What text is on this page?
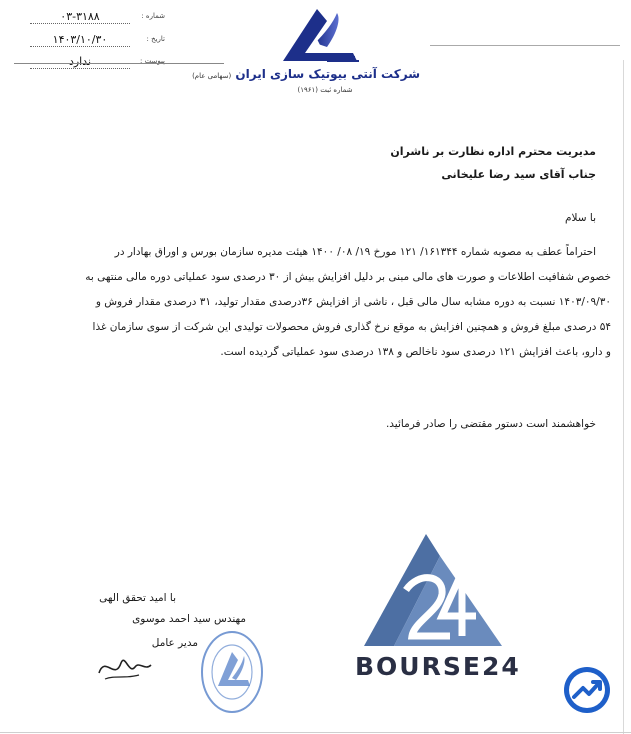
شرکت آنتی بیوتیک سازی ایران (سهامی عام)
شماره ثبت (۱۹۶۱)
شماره :
۰۳-۳۱۸۸
تاریخ :
۱۴۰۳/۱۰/۳۰
پیوست :
ندارد
مدیریت محترم اداره نظارت بر ناشران
جناب آقای سید رضا علیخانی
با سلام
احتراماً عطف به مصوبه شماره ۱۶۱۳۴۴/ ۱۲۱ مورخ ۱۹/ ۰۸/ ۱۴۰۰ هیئت مدیره سازمان بورس و اوراق بهادار در
خصوص شفافیت اطلاعات و صورت های مالی مبنی بر دلیل افزایش بیش از ۳۰ درصدی سود عملیاتی دوره مالی منتهی به
۱۴۰۳/۰۹/۳۰ نسبت به دوره مشابه سال مالی قبل ، ناشی از افزایش ۳۶درصدی مقدار تولید، ۳۱ درصدی مقدار فروش و
۵۴ درصدی مبلغ فروش و همچنین افزایش به موقع نرخ گذاری فروش محصولات تولیدی این شرکت از سوی سازمان غذا
و دارو، باعث افزایش ۱۲۱ درصدی سود ناخالص و ۱۳۸ درصدی سود عملیاتی گردیده است.
خواهشمند است دستور مقتضی را صادر فرمائید.
با امید تحقق الهی
مهندس سید احمد موسوی
مدیر عامل
BOURSE24
